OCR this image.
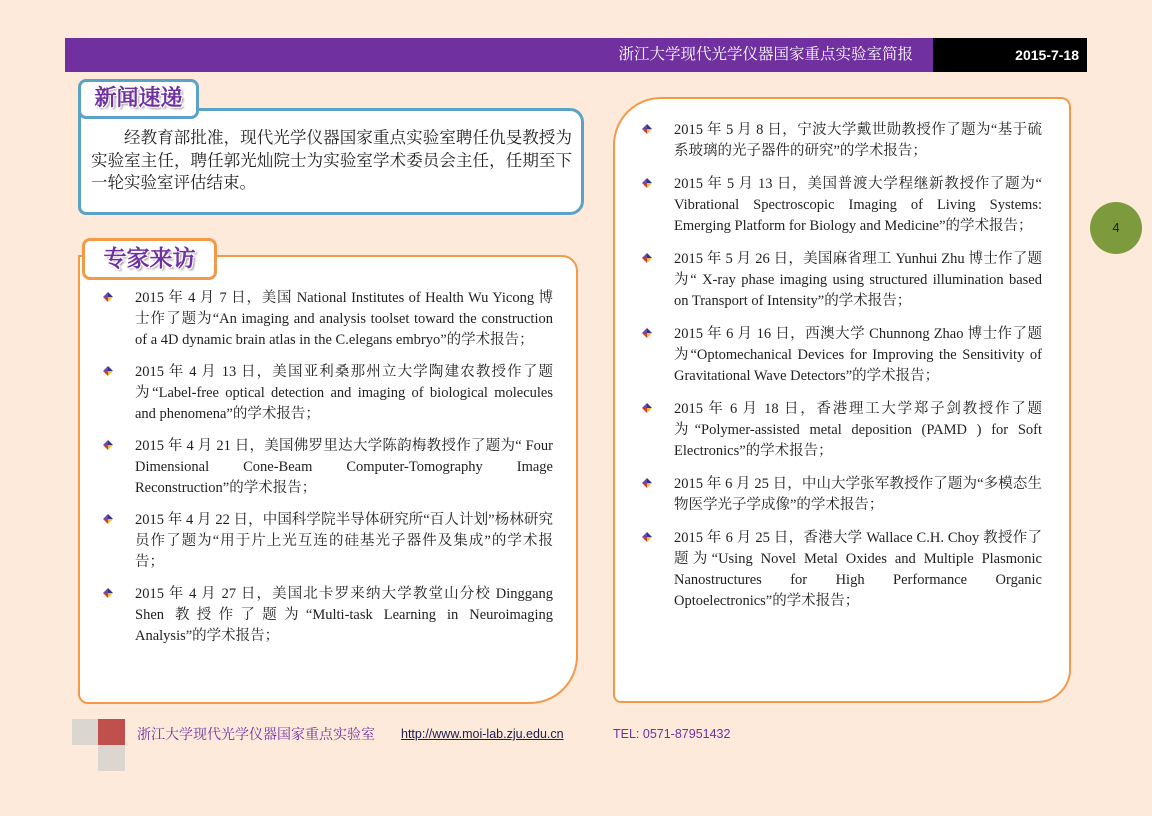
浙江大学现代光学仪器国家重点实验室简报	2015-7-18
新闻速递

经教育部批准，现代光学仪器国家重点实验室聘任仇旻教授为实验室主任，聘任郭光灿院士为实验室学术委员会主任，任期至下一轮实验室评估结束。

专家来访
2015 年 4 月 7 日，美国 National Institutes of Health Wu Yicong 博士作了题为“An imaging and analysis toolset toward the construction of a 4D dynamic brain atlas in the C.elegans embryo”的学术报告；
2015 年 4 月 13 日，美国亚利桑那州立大学陶建农教授作了题为“Label-free optical detection and imaging of biological molecules and phenomena”的学术报告；
2015 年 4 月 21 日，美国佛罗里达大学陈韵梅教授作了题为“ Four Dimensional Cone-Beam Computer-Tomography Image Reconstruction”的学术报告；
2015 年 4 月 22 日，中国科学院半导体研究所“百人计划”杨林研究员作了题为“用于片上光互连的硅基光子器件及集成”的学术报告；
2015 年 4 月 27 日，美国北卡罗来纳大学教堂山分校 Dinggang Shen 教授作了题为“Multi-task Learning in Neuroimaging Analysis”的学术报告；
2015 年 5 月 8 日，宁波大学戴世勋教授作了题为“基于硫系玻璃的光子器件的研究”的学术报告；
2015 年 5 月 13 日，美国普渡大学程继新教授作了题为“ Vibrational Spectroscopic Imaging of Living Systems: Emerging Platform for Biology and Medicine”的学术报告；
2015 年 5 月 26 日，美国麻省理工 Yunhui Zhu 博士作了题为“ X-ray phase imaging using structured illumination based on Transport of Intensity”的学术报告；
2015 年 6 月 16 日，西澳大学 Chunnong Zhao 博士作了题为“Optomechanical Devices for Improving the Sensitivity of Gravitational Wave Detectors”的学术报告；
2015 年 6 月 18 日，香港理工大学郑子剑教授作了题为“Polymer-assisted metal deposition (PAMD ) for Soft Electronics”的学术报告；
2015 年 6 月 25 日，中山大学张军教授作了题为“多模态生物医学光子学成像”的学术报告；
2015 年 6 月 25 日，香港大学 Wallace C.H. Choy 教授作了题为“Using Novel Metal Oxides and Multiple Plasmonic Nanostructures for High Performance Organic Optoelectronics”的学术报告；
4
浙江大学现代光学仪器国家重点实验室 http://www.moi-lab.zju.edu.cn	TEL: 0571-87951432
